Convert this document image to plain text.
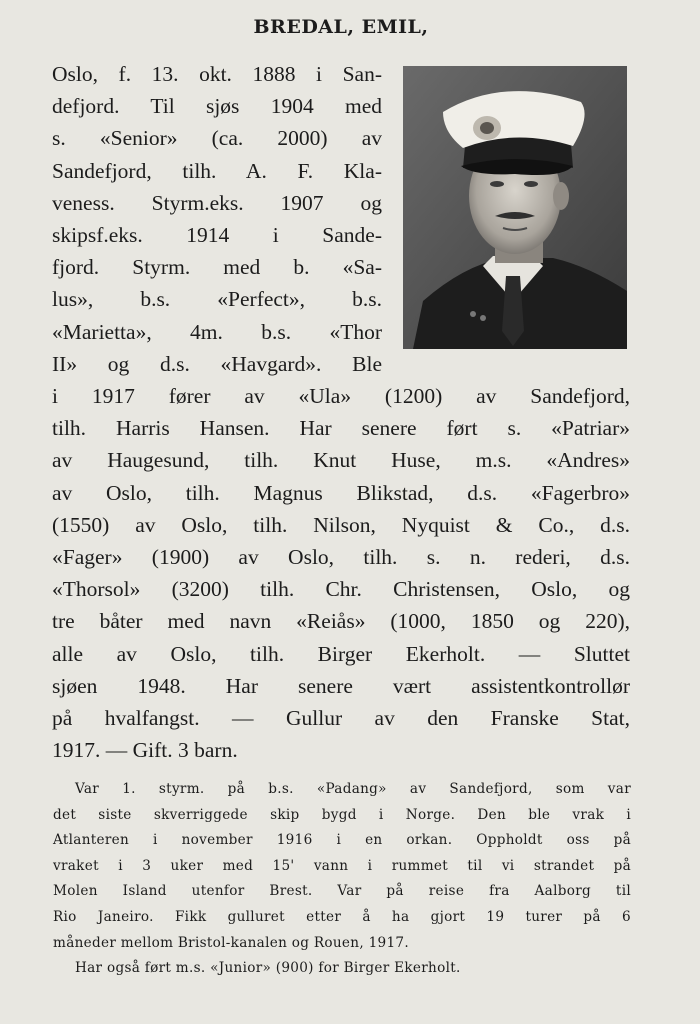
BREDAL, EMIL,
Oslo, f. 13. okt. 1888 i San-
defjord. Til sjøs 1904 med
s. «Senior» (ca. 2000) av
Sandefjord, tilh. A. F. Kla-
veness. Styrm.eks. 1907 og
skipsf.eks. 1914 i Sande-
fjord. Styrm. med b. «Sa-
lus», b.s. «Perfect», b.s.
«Marietta», 4m. b.s. «Thor
II» og d.s. «Havgard». Ble
i 1917 fører av «Ula» (1200) av Sandefjord,
tilh. Harris Hansen. Har senere ført s. «Patriar»
av Haugesund, tilh. Knut Huse, m.s. «Andres»
av Oslo, tilh. Magnus Blikstad, d.s. «Fagerbro»
(1550) av Oslo, tilh. Nilson, Nyquist & Co., d.s.
«Fager» (1900) av Oslo, tilh. s. n. rederi, d.s.
«Thorsol» (3200) tilh. Chr. Christensen, Oslo, og
tre båter med navn «Reiås» (1000, 1850 og 220),
alle av Oslo, tilh. Birger Ekerholt. — Sluttet
sjøen 1948. Har senere vært assistentkontrollør
på hvalfangst. — Gullur av den Franske Stat,
1917. — Gift. 3 barn.
Var 1. styrm. på b.s. «Padang» av Sandefjord, som var
det siste skverriggede skip bygd i Norge. Den ble vrak i
Atlanteren i november 1916 i en orkan. Oppholdt oss på
vraket i 3 uker med 15' vann i rummet til vi strandet på
Molen Island utenfor Brest. Var på reise fra Aalborg til
Rio Janeiro. Fikk gulluret etter å ha gjort 19 turer på 6
måneder mellom Bristol-kanalen og Rouen, 1917.
Har også ført m.s. «Junior» (900) for Birger Ekerholt.
